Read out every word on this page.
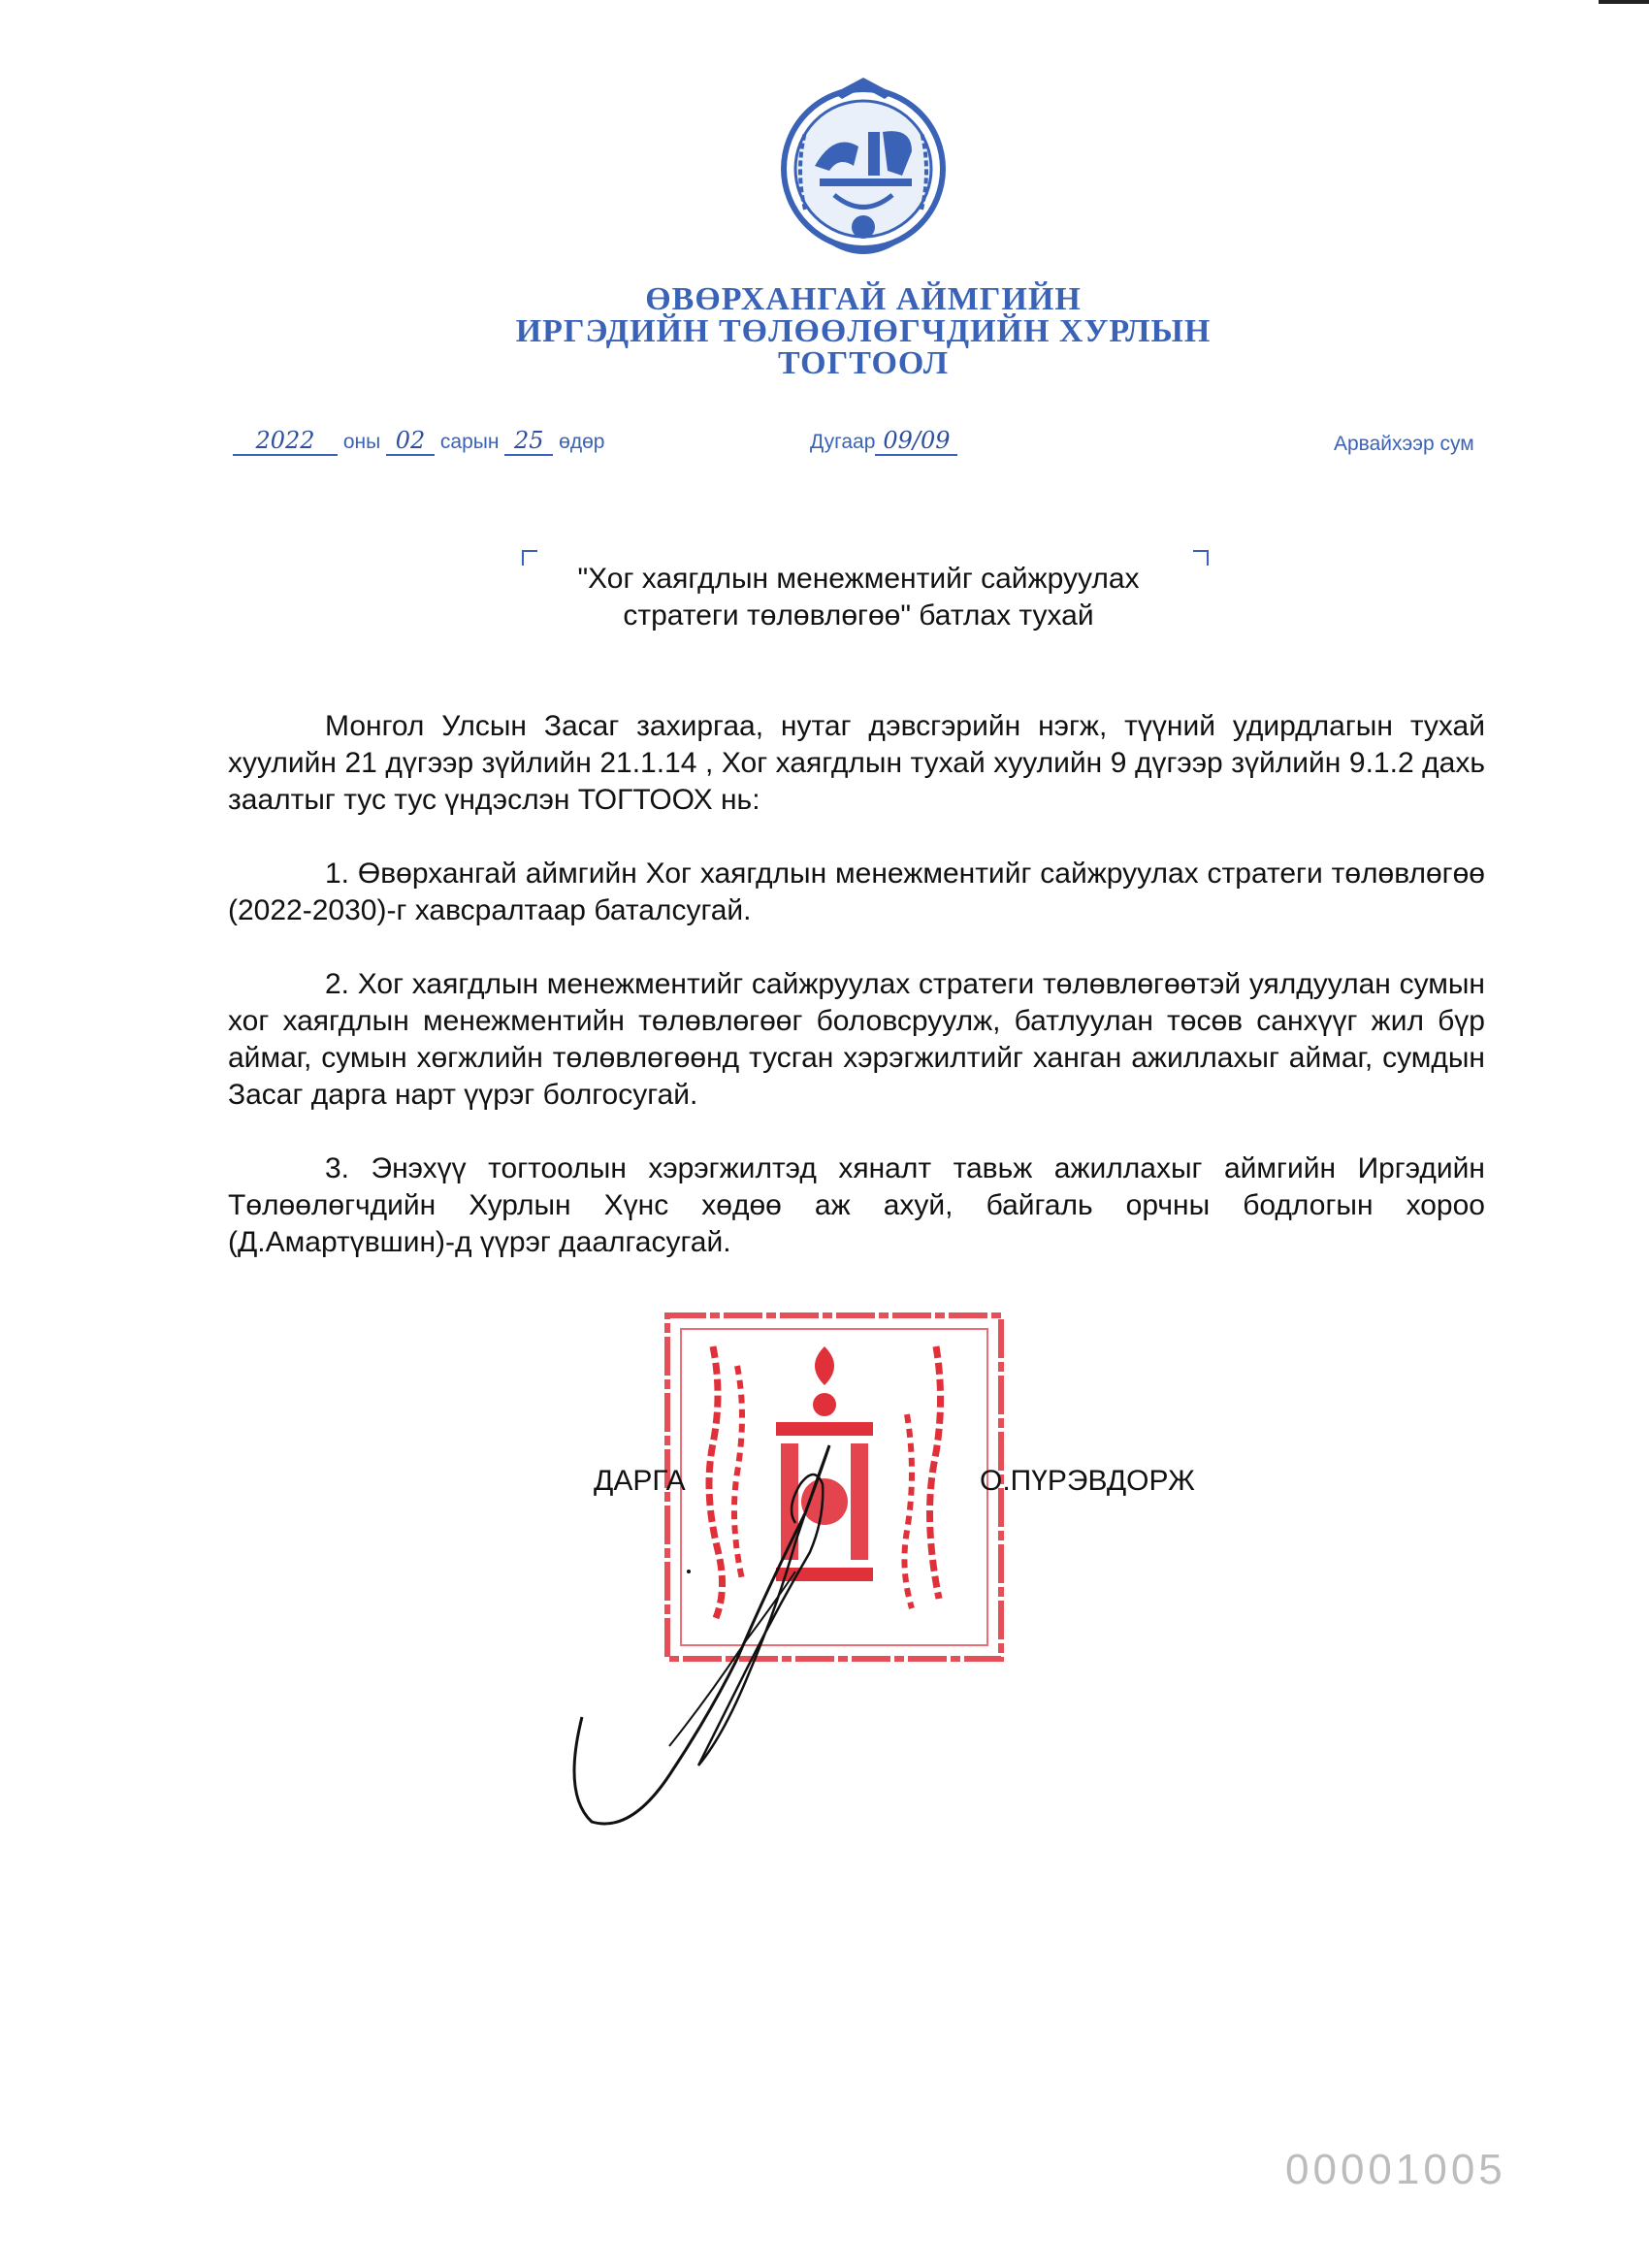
ӨВӨРХАНГАЙ АЙМГИЙН
ИРГЭДИЙН ТӨЛӨӨЛӨГЧДИЙН ХУРЛЫН
ТОГТООЛ
2022 оны 02 сарын 25 өдөр	Дугаар 09/09	Арвайхээр сум
"Хог хаягдлын менежментийг сайжруулах
стратеги төлөвлөгөө" батлах тухай

Монгол Улсын Засаг захиргаа, нутаг дэвсгэрийн нэгж, түүний удирдлагын тухай хуулийн 21 дүгээр зүйлийн 21.1.14 , Хог хаягдлын тухай хуулийн 9 дүгээр зүйлийн 9.1.2 дахь заалтыг тус тус үндэслэн ТОГТООХ нь:

1. Өвөрхангай аймгийн Хог хаягдлын менежментийг сайжруулах стратеги төлөвлөгөө (2022-2030)-г хавсралтаар баталсугай.

2. Хог хаягдлын менежментийг сайжруулах стратеги төлөвлөгөөтэй уялдуулан сумын хог хаягдлын менежментийн төлөвлөгөөг боловсруулж, батлуулан төсөв санхүүг жил бүр аймаг, сумын хөгжлийн төлөвлөгөөнд тусган хэрэгжилтийг ханган ажиллахыг аймаг, сумдын Засаг дарга нарт үүрэг болгосугай.

3. Энэхүү тогтоолын хэрэгжилтэд хяналт тавьж ажиллахыг аймгийн Иргэдийн Төлөөлөгчдийн Хурлын Хүнс хөдөө аж ахуй, байгаль орчны бодлогын хороо (Д.Амартүвшин)-д үүрэг даалгасугай.

ДАРГА	О.ПҮРЭВДОРЖ
00001005
